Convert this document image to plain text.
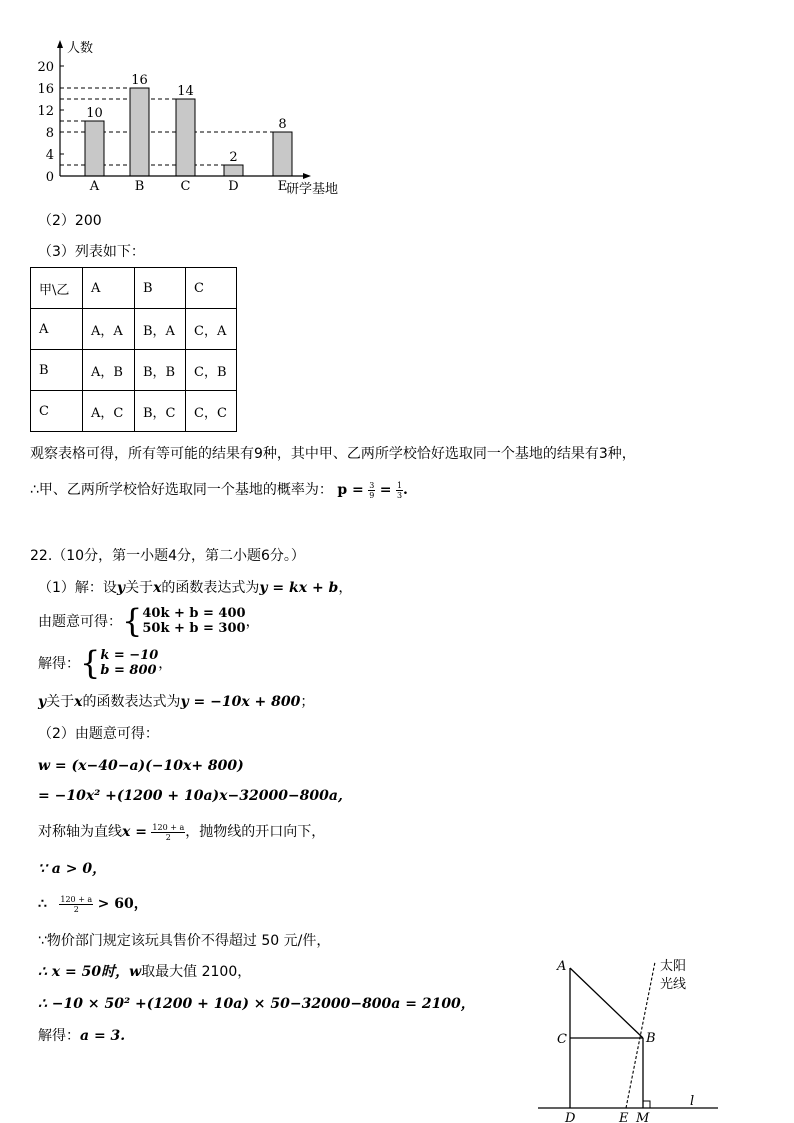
10
A
16
B
14
C
2
D
8
E
20
16
12
8
4
0
人数
研学基地
（2）200
（3）列表如下：
甲\乙	A	B	C
A	A，A	B，A	C，A
B	A，B	B，B	C，B
C	A，C	B，C	C，C
观察表格可得，所有等可能的结果有9种，其中甲、乙两所学校恰好选取同一个基地的结果有3种，
∴甲、乙两所学校恰好选取同一个基地的概率为： $p = \frac{3}{9} = \frac{1}{3}$ .
22.（10分，第一小题4分，第二小题6分。）
（1）解：设y关于x的函数表达式为y = kx + b，
由题意可得： { 40k + b = 400
50k + b = 300 ，
解得： { k = −10
b = 800 ，
y关于x的函数表达式为y = −10x + 800；
（2）由题意可得：
w = (x−40−a)(−10x+ 800)
= −10x² +(1200 + 10a)x−32000−800a,
对称轴为直线$x = \frac{120 + a}{2}$ ，抛物线的开口向下，
∵ a > 0，
∴ $\frac{120 + a}{2} > 60$，
∵物价部门规定该玩具售价不得超过 50 元/件，
∴ x = 50时，w取最大值 2100，
∴ −10 × 50² +(1200 + 10a) × 50−32000−800a = 2100，
解得：a = 3.
A
C	B
D	E M
l
太阳
光线
